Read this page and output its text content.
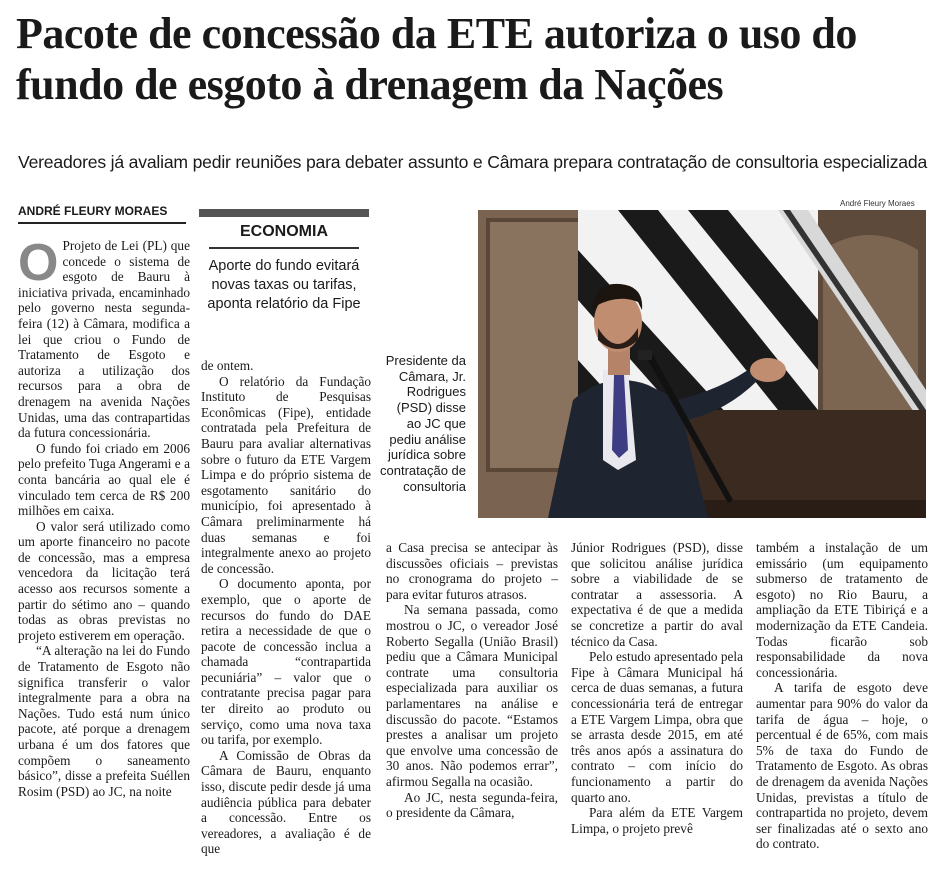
Pacote de concessão da ETE autoriza o uso do fundo de esgoto à drenagem da Nações

Vereadores já avaliam pedir reuniões para debater assunto e Câmara prepara contratação de consultoria especializada

ANDRÉ FLEURY MORAES

André Fleury Moraes
O Projeto de Lei (PL) que concede o sistema de esgoto de Bauru à iniciativa privada, encaminhado pelo governo nesta segunda-feira (12) à Câmara, modifica a lei que criou o Fundo de Tratamento de Esgoto e autoriza a utilização dos recursos para a obra de drenagem na avenida Nações Unidas, uma das contrapartidas da futura concessionária.

O fundo foi criado em 2006 pelo prefeito Tuga Angerami e a conta bancária ao qual ele é vinculado tem cerca de R$ 200 milhões em caixa.

O valor será utilizado como um aporte financeiro no pacote de concessão, mas a empresa vencedora da licitação terá acesso aos recursos somente a partir do sétimo ano – quando todas as obras previstas no projeto estiverem em operação.

“A alteração na lei do Fundo de Tratamento de Esgoto não significa transferir o valor integralmente para a obra na Nações. Tudo está num único pacote, até porque a drenagem urbana é um dos fatores que compõem o saneamento básico”, disse a prefeita Suéllen Rosim (PSD) ao JC, na noite

ECONOMIA
Aporte do fundo evitará novas taxas ou tarifas, aponta relatório da Fipe

de ontem.

O relatório da Fundação Instituto de Pesquisas Econômicas (Fipe), entidade contratada pela Prefeitura de Bauru para avaliar alternativas sobre o futuro da ETE Vargem Limpa e do próprio sistema de esgotamento sanitário do município, foi apresentado à Câmara preliminarmente há duas semanas e foi integralmente anexo ao projeto de concessão.

O documento aponta, por exemplo, que o aporte de recursos do fundo do DAE retira a necessidade de que o pacote de concessão inclua a chamada “contrapartida pecuniária” – valor que o contratante precisa pagar para ter direito ao produto ou serviço, como uma nova taxa ou tarifa, por exemplo.

A Comissão de Obras da Câmara de Bauru, enquanto isso, discute pedir desde já uma audiência pública para debater a concessão. Entre os vereadores, a avaliação é de que

Presidente da Câmara, Jr. Rodrigues (PSD) disse ao JC que pediu análise jurídica sobre contratação de consultoria

a Casa precisa se antecipar às discussões oficiais – previstas no cronograma do projeto – para evitar futuros atrasos.

Na semana passada, como mostrou o JC, o vereador José Roberto Segalla (União Brasil) pediu que a Câmara Municipal contrate uma consultoria especializada para auxiliar os parlamentares na análise e discussão do pacote. “Estamos prestes a analisar um projeto que envolve uma concessão de 30 anos. Não podemos errar”, afirmou Segalla na ocasião.

Ao JC, nesta segunda-feira, o presidente da Câmara,

Júnior Rodrigues (PSD), disse que solicitou análise jurídica sobre a viabilidade de se contratar a assessoria. A expectativa é de que a medida se concretize a partir do aval técnico da Casa.

Pelo estudo apresentado pela Fipe à Câmara Municipal há cerca de duas semanas, a futura concessionária terá de entregar a ETE Vargem Limpa, obra que se arrasta desde 2015, em até três anos após a assinatura do contrato – com início do funcionamento a partir do quarto ano.

Para além da ETE Vargem Limpa, o projeto prevê

também a instalação de um emissário (um equipamento submerso de tratamento de esgoto) no Rio Bauru, a ampliação da ETE Tibiriçá e a modernização da ETE Candeia. Todas ficarão sob responsabilidade da nova concessionária.

A tarifa de esgoto deve aumentar para 90% do valor da tarifa de água – hoje, o percentual é de 65%, com mais 5% de taxa do Fundo de Tratamento de Esgoto. As obras de drenagem da avenida Nações Unidas, previstas a título de contrapartida no projeto, devem ser finalizadas até o sexto ano do contrato.
